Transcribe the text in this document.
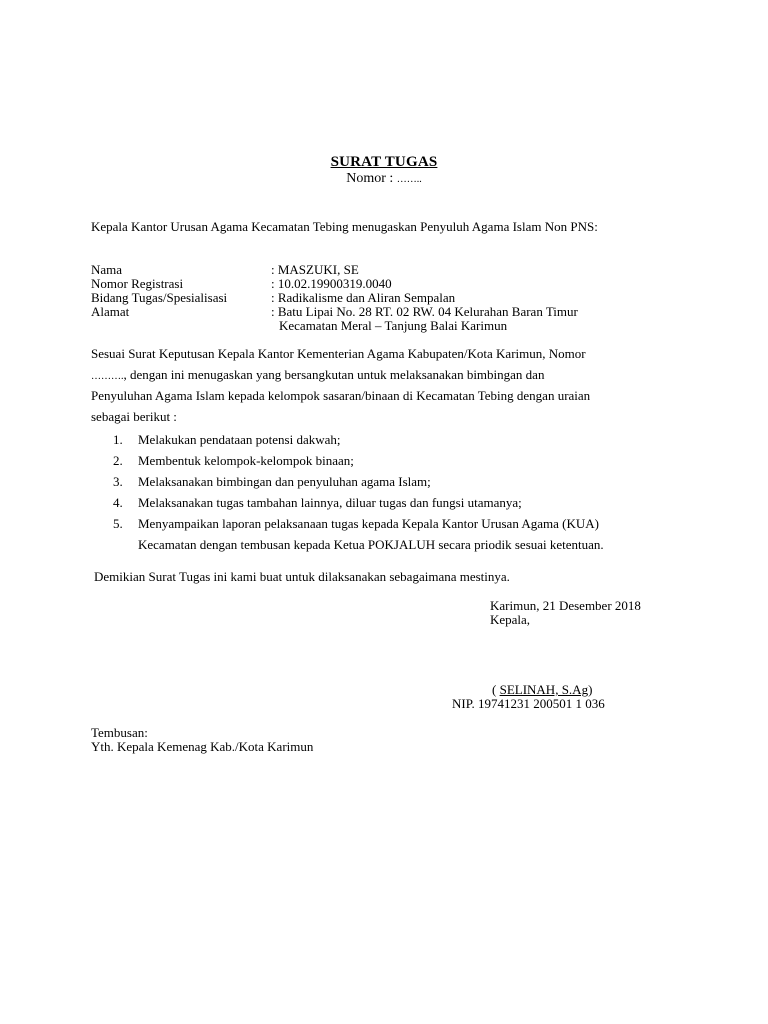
SURAT TUGAS
Nomor : ……..
Kepala Kantor Urusan Agama Kecamatan Tebing menugaskan Penyuluh Agama Islam Non PNS:
Nama	: MASZUKI, SE
Nomor Registrasi	: 10.02.19900319.0040
Bidang Tugas/Spesialisasi	: Radikalisme dan Aliran Sempalan
Alamat	: Batu Lipai No. 28 RT. 02 RW. 04 Kelurahan Baran Timur
Kecamatan Meral – Tanjung Balai Karimun
Sesuai Surat Keputusan Kepala Kantor Kementerian Agama Kabupaten/Kota Karimun, Nomor
………., dengan ini menugaskan yang bersangkutan untuk melaksanakan bimbingan dan
Penyuluhan Agama Islam kepada kelompok sasaran/binaan di Kecamatan Tebing dengan uraian
sebagai berikut :
1.	Melakukan pendataan potensi dakwah;
2.	Membentuk kelompok-kelompok binaan;
3.	Melaksanakan bimbingan dan penyuluhan agama Islam;
4.	Melaksanakan tugas tambahan lainnya, diluar tugas dan fungsi utamanya;
5.	Menyampaikan laporan pelaksanaan tugas kepada Kepala Kantor Urusan Agama (KUA)
Kecamatan dengan tembusan kepada Ketua POKJALUH secara priodik sesuai ketentuan.
Demikian Surat Tugas ini kami buat untuk dilaksanakan sebagaimana mestinya.
Karimun, 21 Desember 2018
Kepala,
( SELINAH, S.Ag)
NIP. 19741231 200501 1 036
Tembusan:
Yth. Kepala Kemenag Kab./Kota Karimun
